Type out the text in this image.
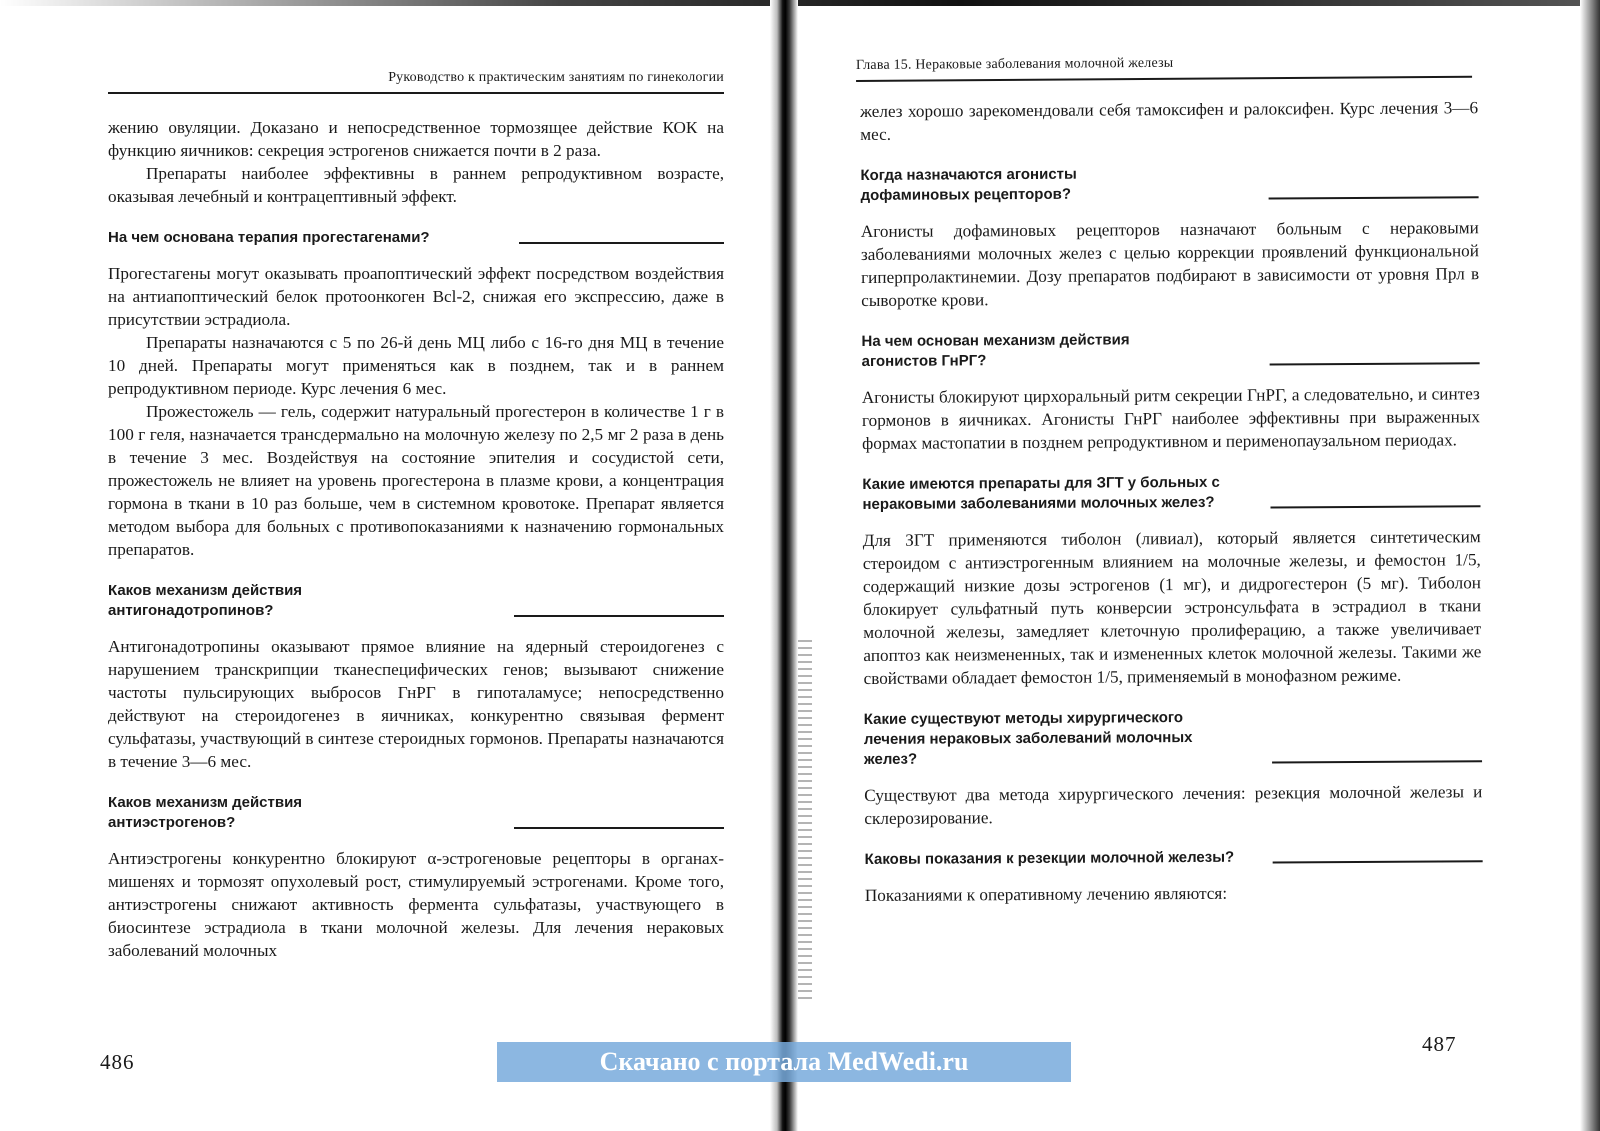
Руководство к практическим занятиям по гинекологии

жению овуляции. Доказано и непосредственное тормозящее действие КОК на функцию яичников: секреция эстрогенов снижается почти в 2 раза.

Препараты наиболее эффективны в раннем репродуктивном возрасте, оказывая лечебный и контрацептивный эффект.

На чем основана терапия прогестагенами?

Прогестагены могут оказывать проапоптический эффект посредством воздействия на антиапоптический белок протоонкоген Bcl-2, снижая его экспрессию, даже в присутствии эстрадиола.

Препараты назначаются с 5 по 26-й день МЦ либо с 16-го дня МЦ в течение 10 дней. Препараты могут применяться как в позднем, так и в раннем репродуктивном периоде. Курс лечения 6 мес.

Прожестожель — гель, содержит натуральный прогестерон в количестве 1 г в 100 г геля, назначается трансдермально на молочную железу по 2,5 мг 2 раза в день в течение 3 мес. Воздействуя на состояние эпителия и сосудистой сети, прожестожель не влияет на уровень прогестерона в плазме крови, а концентрация гормона в ткани в 10 раз больше, чем в системном кровотоке. Препарат является методом выбора для больных с противопоказаниями к назначению гормональных препаратов.

Каков механизм действия антигонадотропинов?

Антигонадотропины оказывают прямое влияние на ядерный стероидогенез с нарушением транскрипции тканеспецифических генов; вызывают снижение частоты пульсирующих выбросов ГнРГ в гипоталамусе; непосредственно действуют на стероидогенез в яичниках, конкурентно связывая фермент сульфатазы, участвующий в синтезе стероидных гормонов. Препараты назначаются в течение 3—6 мес.

Каков механизм действия антиэстрогенов?

Антиэстрогены конкурентно блокируют α-эстрогеновые рецепторы в органах-мишенях и тормозят опухолевый рост, стимулируемый эстрогенами. Кроме того, антиэстрогены снижают активность фермента сульфатазы, участвующего в биосинтезе эстрадиола в ткани молочной железы. Для лечения нераковых заболеваний молочных

486
Глава 15. Нераковые заболевания молочной железы

желез хорошо зарекомендовали себя тамоксифен и ралоксифен. Курс лечения 3—6 мес.

Когда назначаются агонисты дофаминовых рецепторов?

Агонисты дофаминовых рецепторов назначают больным с нераковыми заболеваниями молочных желез с целью коррекции проявлений функциональной гиперпролактинемии. Дозу препаратов подбирают в зависимости от уровня Прл в сыворотке крови.

На чем основан механизм действия агонистов ГнРГ?

Агонисты блокируют цирхоральный ритм секреции ГнРГ, а следовательно, и синтез гормонов в яичниках. Агонисты ГнРГ наиболее эффективны при выраженных формах мастопатии в позднем репродуктивном и перименопаузальном периодах.

Какие имеются препараты для ЗГТ у больных с нераковыми заболеваниями молочных желез?

Для ЗГТ применяются тиболон (ливиал), который является синтетическим стероидом с антиэстрогенным влиянием на молочные железы, и фемостон 1/5, содержащий низкие дозы эстрогенов (1 мг), и дидрогестерон (5 мг). Тиболон блокирует сульфатный путь конверсии эстронсульфата в эстрадиол в ткани молочной железы, замедляет клеточную пролиферацию, а также увеличивает апоптоз как неизмененных, так и измененных клеток молочной железы. Такими же свойствами обладает фемостон 1/5, применяемый в монофазном режиме.

Какие существуют методы хирургического лечения нераковых заболеваний молочных желез?

Существуют два метода хирургического лечения: резекция молочной железы и склерозирование.

Каковы показания к резекции молочной железы?

Показаниями к оперативному лечению являются:

487
Скачано с портала MedWedi.ru
